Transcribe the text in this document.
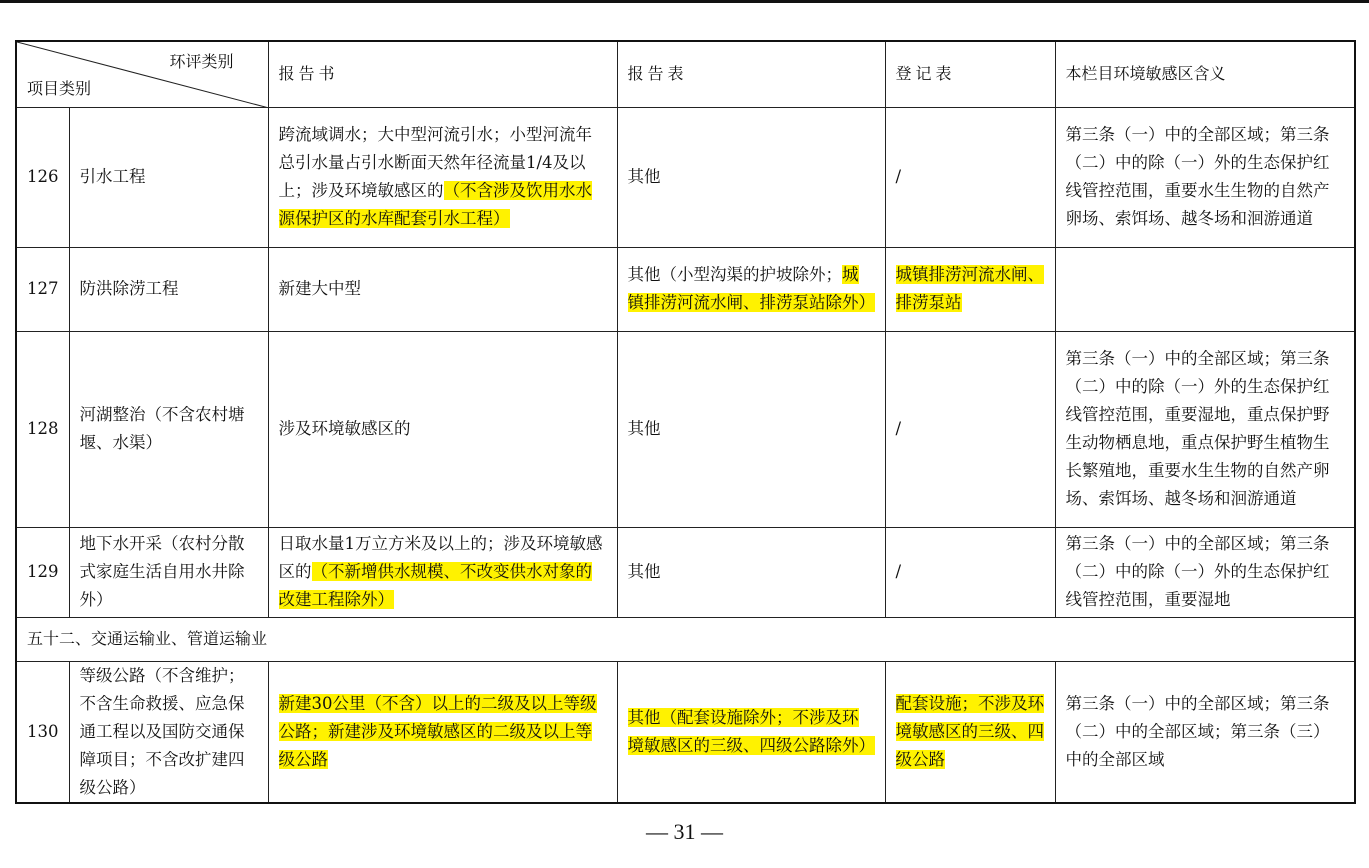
环评类别
项目类别		报告书	报告表	登记表	本栏目环境敏感区含义
126	引水工程	跨流域调水；大中型河流引水；小型河流年总引水量占引水断面天然年径流量1/4及以上；涉及环境敏感区的（不含涉及饮用水水源保护区的水库配套引水工程）	其他	/	第三条（一）中的全部区域；第三条（二）中的除（一）外的生态保护红线管控范围，重要水生生物的自然产卵场、索饵场、越冬场和洄游通道
127	防洪除涝工程	新建大中型	其他（小型沟渠的护坡除外；城镇排涝河流水闸、排涝泵站除外）	城镇排涝河流水闸、排涝泵站	
128	河湖整治（不含农村塘堰、水渠）	涉及环境敏感区的	其他	/	第三条（一）中的全部区域；第三条（二）中的除（一）外的生态保护红线管控范围，重要湿地，重点保护野生动物栖息地，重点保护野生植物生长繁殖地，重要水生生物的自然产卵场、索饵场、越冬场和洄游通道
129	地下水开采（农村分散式家庭生活自用水井除外）	日取水量1万立方米及以上的；涉及环境敏感区的（不新增供水规模、不改变供水对象的改建工程除外）	其他	/	第三条（一）中的全部区域；第三条（二）中的除（一）外的生态保护红线管控范围，重要湿地
五十二、交通运输业、管道运输业					
130	等级公路（不含维护；不含生命救援、应急保通工程以及国防交通保障项目；不含改扩建四级公路）	新建30公里（不含）以上的二级及以上等级公路；新建涉及环境敏感区的二级及以上等级公路	其他（配套设施除外；不涉及环境敏感区的三级、四级公路除外）	配套设施；不涉及环境敏感区的三级、四级公路	第三条（一）中的全部区域；第三条（二）中的全部区域；第三条（三）中的全部区域
— 31 —
